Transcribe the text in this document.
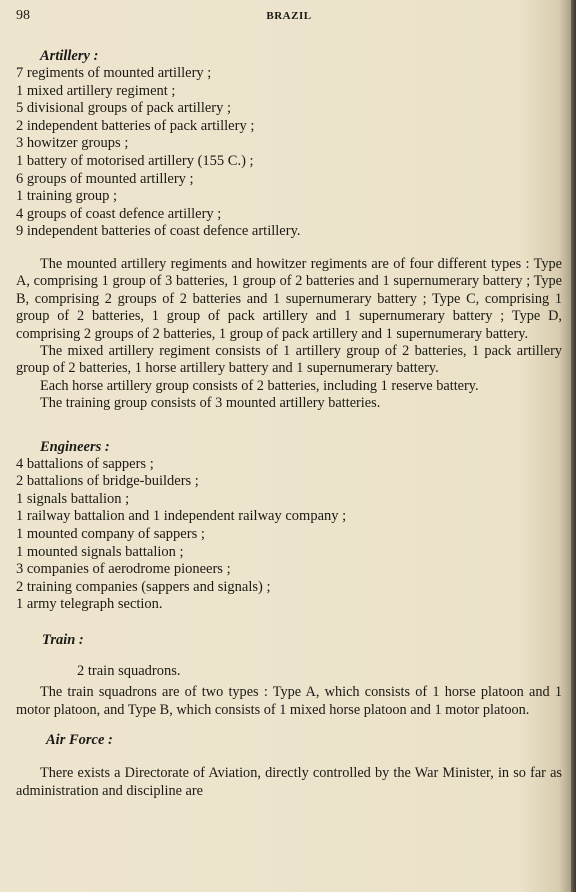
98	BRAZIL
Artillery :
7 regiments of mounted artillery ;
1 mixed artillery regiment ;
5 divisional groups of pack artillery ;
2 independent batteries of pack artillery ;
3 howitzer groups ;
1 battery of motorised artillery (155 C.) ;
6 groups of mounted artillery ;
1 training group ;
4 groups of coast defence artillery ;
9 independent batteries of coast defence artillery.

The mounted artillery regiments and howitzer regiments are of four different types : Type A, comprising 1 group of 3 batteries, 1 group of 2 batteries and 1 supernumerary battery ; Type B, comprising 2 groups of 2 batteries and 1 supernumerary battery ; Type C, comprising 1 group of 2 batteries, 1 group of pack artillery and 1 supernumerary battery ; Type D, comprising 2 groups of 2 batteries, 1 group of pack artillery and 1 supernumerary battery.

The mixed artillery regiment consists of 1 artillery group of 2 batteries, 1 pack artillery group of 2 batteries, 1 horse artillery battery and 1 supernumerary battery.

Each horse artillery group consists of 2 batteries, including 1 reserve battery.

The training group consists of 3 mounted artillery batteries.

Engineers :
4 battalions of sappers ;
2 battalions of bridge-builders ;
1 signals battalion ;
1 railway battalion and 1 independent railway company ;
1 mounted company of sappers ;
1 mounted signals battalion ;
3 companies of aerodrome pioneers ;
2 training companies (sappers and signals) ;
1 army telegraph section.
Train :
2 train squadrons.

The train squadrons are of two types : Type A, which consists of 1 horse platoon and 1 motor platoon, and Type B, which consists of 1 mixed horse platoon and 1 motor platoon.

Air Force :

There exists a Directorate of Aviation, directly controlled by the War Minister, in so far as administration and discipline are
